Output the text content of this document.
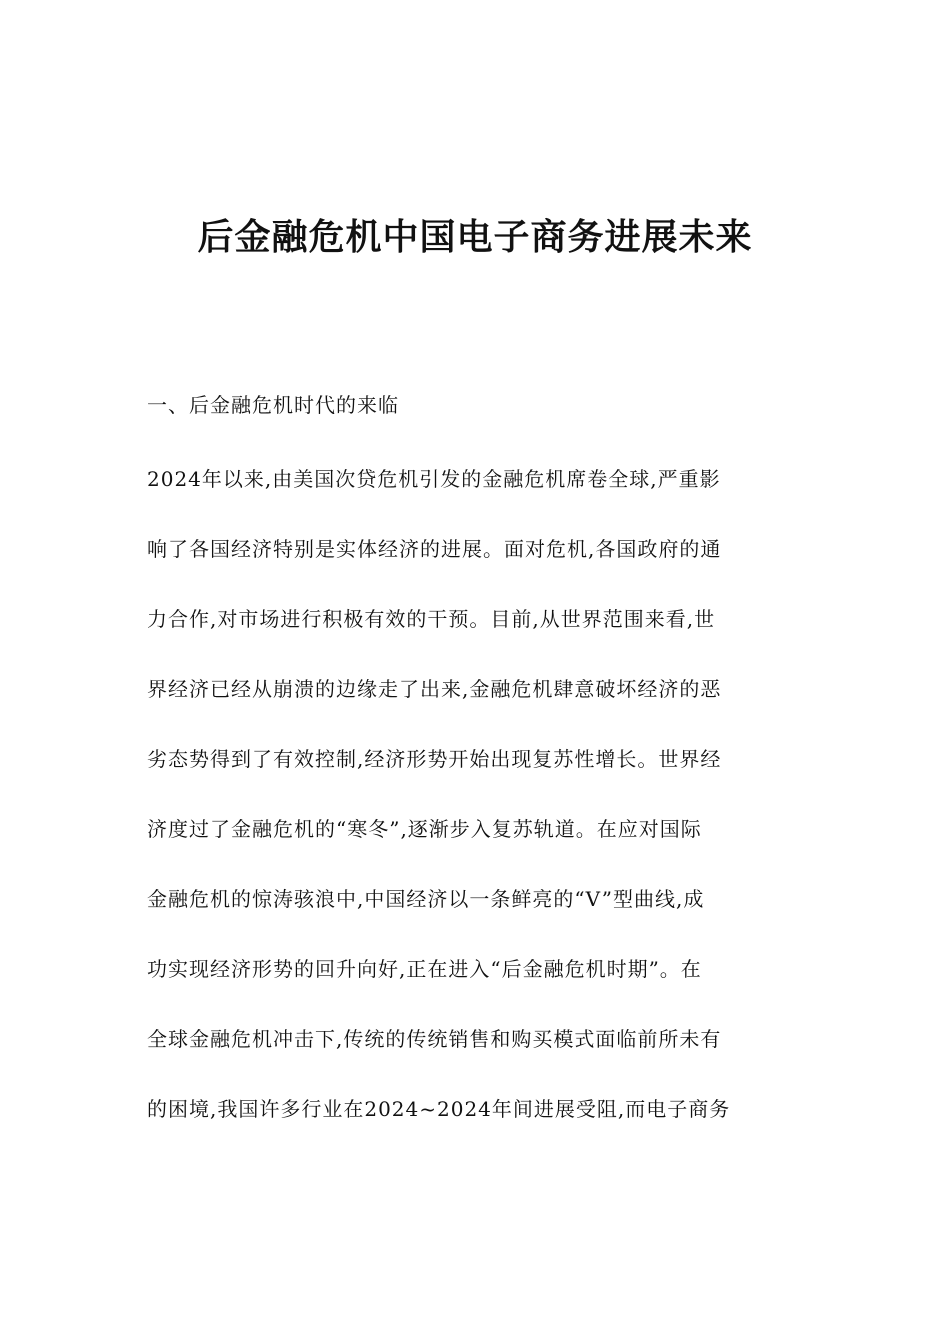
后金融危机中国电子商务进展未来
一、后金融危机时代的来临
2024年以来,由美国次贷危机引发的金融危机席卷全球,严重影
响了各国经济特别是实体经济的进展。面对危机,各国政府的通
力合作,对市场进行积极有效的干预。目前,从世界范围来看,世
界经济已经从崩溃的边缘走了出来,金融危机肆意破坏经济的恶
劣态势得到了有效控制,经济形势开始出现复苏性增长。世界经
济度过了金融危机的“寒冬”,逐渐步入复苏轨道。在应对国际
金融危机的惊涛骇浪中,中国经济以一条鲜亮的“V”型曲线,成
功实现经济形势的回升向好,正在进入“后金融危机时期”。在
全球金融危机冲击下,传统的传统销售和购买模式面临前所未有
的困境,我国许多行业在2024~2024年间进展受阻,而电子商务
